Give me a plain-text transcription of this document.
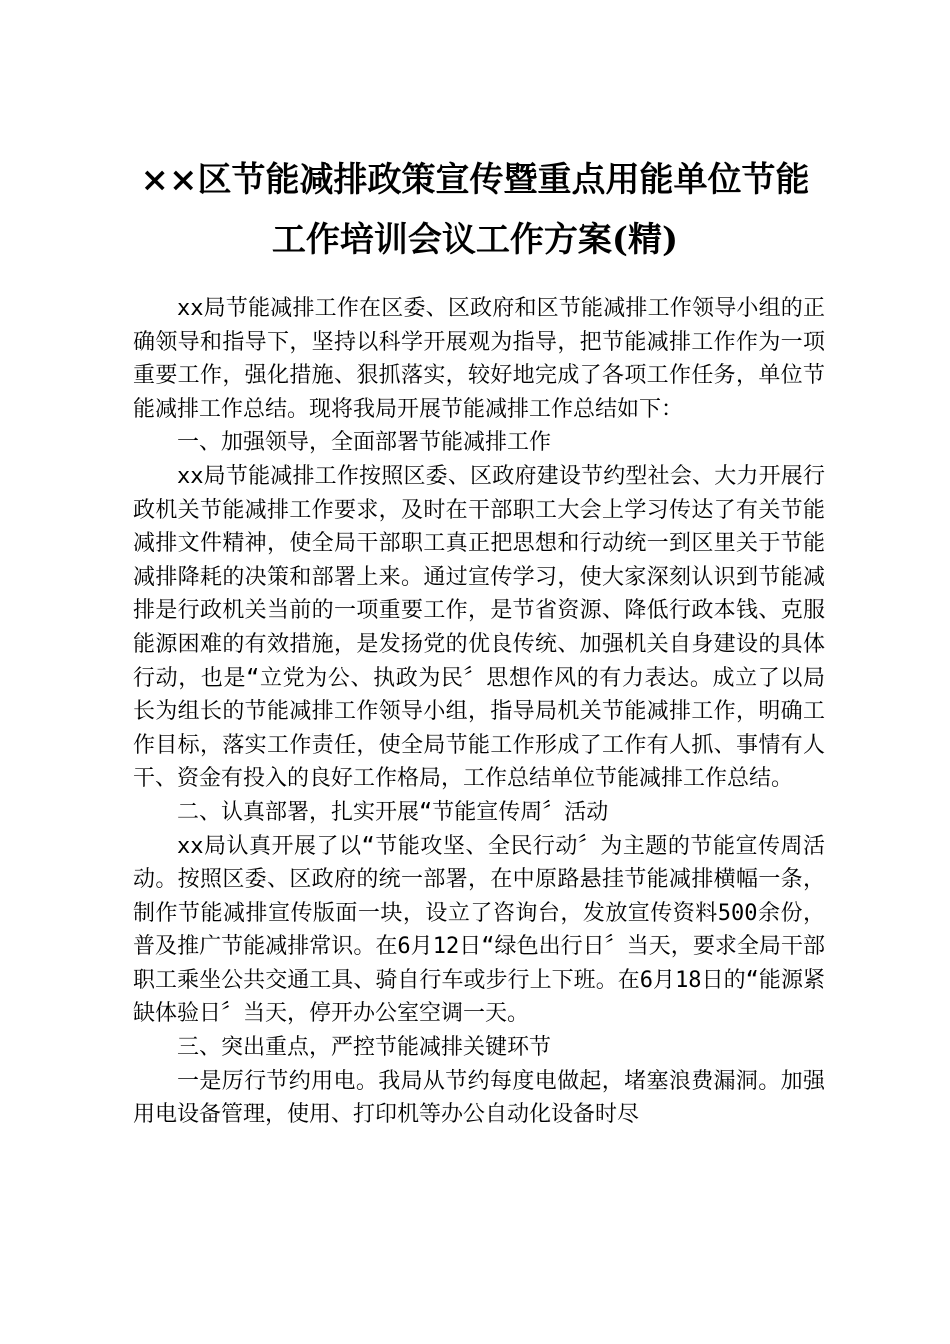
××区节能减排政策宣传暨重点用能单位节能
工作培训会议工作方案(精)

xx局节能减排工作在区委、区政府和区节能减排工作领导小组的正确领导和指导下，坚持以科学开展观为指导，把节能减排工作作为一项重要工作，强化措施、狠抓落实，较好地完成了各项工作任务，单位节能减排工作总结。现将我局开展节能减排工作总结如下：

一、加强领导，全面部署节能减排工作

xx局节能减排工作按照区委、区政府建设节约型社会、大力开展行政机关节能减排工作要求，及时在干部职工大会上学习传达了有关节能减排文件精神，使全局干部职工真正把思想和行动统一到区里关于节能减排降耗的决策和部署上来。通过宣传学习，使大家深刻认识到节能减排是行政机关当前的一项重要工作，是节省资源、降低行政本钱、克服能源困难的有效措施，是发扬党的优良传统、加强机关自身建设的具体行动，也是“立党为公、执政为民〞思想作风的有力表达。成立了以局长为组长的节能减排工作领导小组，指导局机关节能减排工作，明确工作目标，落实工作责任，使全局节能工作形成了工作有人抓、事情有人干、资金有投入的良好工作格局，工作总结单位节能减排工作总结。

二、认真部署，扎实开展“节能宣传周〞活动

xx局认真开展了以“节能攻坚、全民行动〞为主题的节能宣传周活动。按照区委、区政府的统一部署，在中原路悬挂节能减排横幅一条，制作节能减排宣传版面一块，设立了咨询台，发放宣传资料500余份，普及推广节能减排常识。在6月12日“绿色出行日〞当天，要求全局干部职工乘坐公共交通工具、骑自行车或步行上下班。在6月18日的“能源紧缺体验日〞当天，停开办公室空调一天。

三、突出重点，严控节能减排关键环节

一是厉行节约用电。我局从节约每度电做起，堵塞浪费漏洞。加强用电设备管理，使用、打印机等办公自动化设备时尽
